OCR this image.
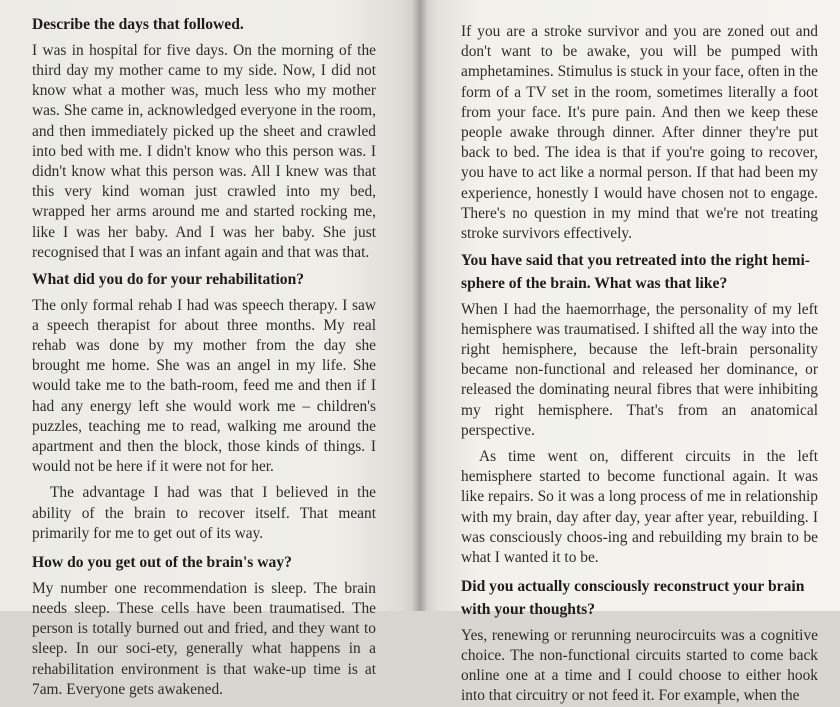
Describe the days that followed.
I was in hospital for five days. On the morning of the third day my mother came to my side. Now, I did not know what a mother was, much less who my mother was. She came in, acknowledged everyone in the room, and then immediately picked up the sheet and crawled into bed with me. I didn't know who this person was. I didn't know what this person was. All I knew was that this very kind woman just crawled into my bed, wrapped her arms around me and started rocking me, like I was her baby. And I was her baby. She just recognised that I was an infant again and that was that.
What did you do for your rehabilitation?
The only formal rehab I had was speech therapy. I saw a speech therapist for about three months. My real rehab was done by my mother from the day she brought me home. She was an angel in my life. She would take me to the bath-room, feed me and then if I had any energy left she would work me – children's puzzles, teaching me to read, walking me around the apartment and then the block, those kinds of things. I would not be here if it were not for her.
The advantage I had was that I believed in the ability of the brain to recover itself. That meant primarily for me to get out of its way.
How do you get out of the brain's way?
My number one recommendation is sleep. The brain needs sleep. These cells have been traumatised. The person is totally burned out and fried, and they want to sleep. In our soci-ety, generally what happens in a rehabilitation environment is that wake-up time is at 7am. Everyone gets awakened.
If you are a stroke survivor and you are zoned out and don't want to be awake, you will be pumped with amphetamines. Stimulus is stuck in your face, often in the form of a TV set in the room, sometimes literally a foot from your face. It's pure pain. And then we keep these people awake through dinner. After dinner they're put back to bed. The idea is that if you're going to recover, you have to act like a normal person. If that had been my experience, honestly I would have chosen not to engage. There's no question in my mind that we're not treating stroke survivors effectively.
You have said that you retreated into the right hemi-sphere of the brain. What was that like?
When I had the haemorrhage, the personality of my left hemisphere was traumatised. I shifted all the way into the right hemisphere, because the left-brain personality became non-functional and released her dominance, or released the dominating neural fibres that were inhibiting my right hemisphere. That's from an anatomical perspective.
As time went on, different circuits in the left hemisphere started to become functional again. It was like repairs. So it was a long process of me in relationship with my brain, day after day, year after year, rebuilding. I was consciously choos-ing and rebuilding my brain to be what I wanted it to be.
Did you actually consciously reconstruct your brain with your thoughts?
Yes, renewing or rerunning neurocircuits was a cognitive choice. The non-functional circuits started to come back online one at a time and I could choose to either hook into that circuitry or not feed it. For example, when the
